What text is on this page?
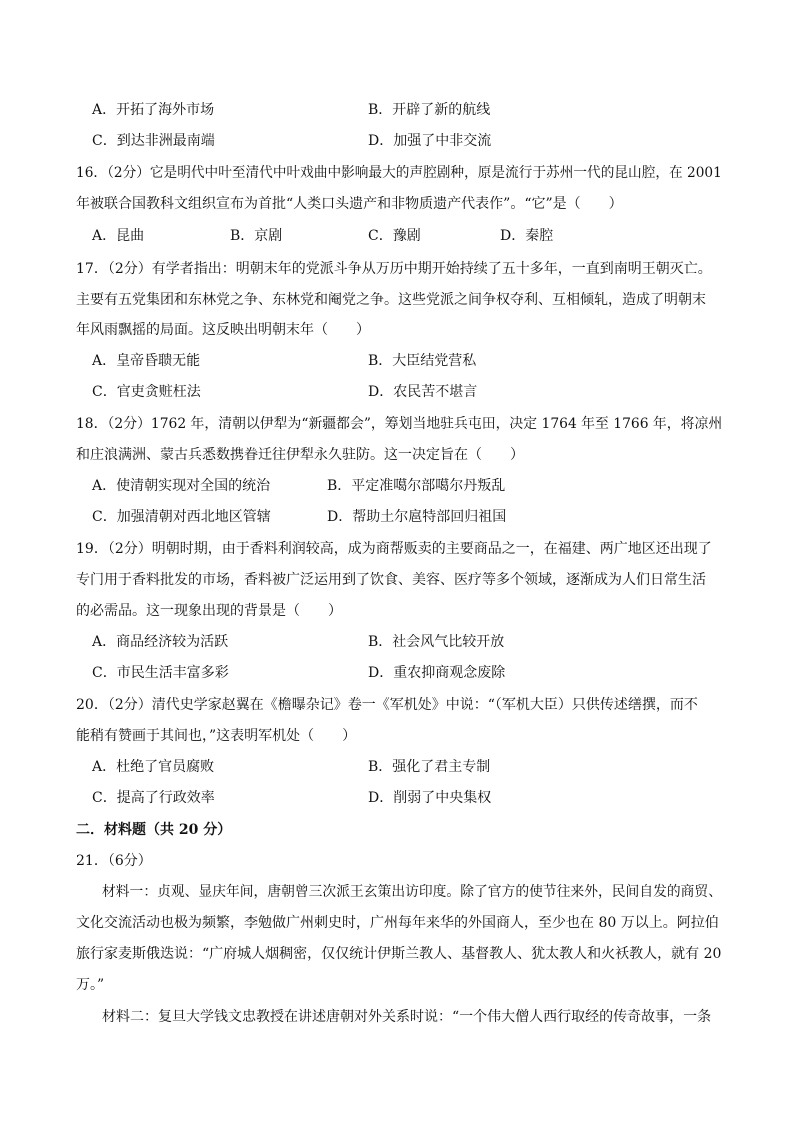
A．开拓了海外市场	B．开辟了新的航线
C．到达非洲最南端	D．加强了中非交流
16．（2分）它是明代中叶至清代中叶戏曲中影响最大的声腔剧种，原是流行于苏州一代的昆山腔，在 2001
年被联合国教科文组织宣布为首批“人类口头遗产和非物质遗产代表作”。“它”是（　　）
A．昆曲	B．京剧	C．豫剧	D．秦腔
17．（2分）有学者指出：明朝末年的党派斗争从万历中期开始持续了五十多年，一直到南明王朝灭亡。
主要有五党集团和东林党之争、东林党和阉党之争。这些党派之间争权夺利、互相倾轧，造成了明朝末
年风雨飘摇的局面。这反映出明朝末年（　　）
A．皇帝昏聩无能	B．大臣结党营私
C．官吏贪赃枉法	D．农民苦不堪言
18．（2分）1762 年，清朝以伊犁为“新疆都会”，筹划当地驻兵屯田，决定 1764 年至 1766 年，将凉州
和庄浪满洲、蒙古兵悉数携眷迁往伊犁永久驻防。这一决定旨在（　　）
A．使清朝实现对全国的统治	B．平定准噶尔部噶尔丹叛乱
C．加强清朝对西北地区管辖	D．帮助土尔扈特部回归祖国
19．（2分）明朝时期，由于香料利润较高，成为商帮贩卖的主要商品之一，在福建、两广地区还出现了
专门用于香料批发的市场，香料被广泛运用到了饮食、美容、医疗等多个领域，逐渐成为人们日常生活
的必需品。这一现象出现的背景是（　　）
A．商品经济较为活跃	B．社会风气比较开放
C．市民生活丰富多彩	D．重农抑商观念废除
20．（2分）清代史学家赵翼在《檐曝杂记》卷一《军机处》中说：“（军机大臣）只供传述缮撰，而不
能稍有赞画于其间也，”这表明军机处（　　）
A．杜绝了官员腐败	B．强化了君主专制
C．提高了行政效率	D．削弱了中央集权
二．材料题（共 20 分）
21．（6分）
材料一：贞观、显庆年间，唐朝曾三次派王玄策出访印度。除了官方的使节往来外，民间自发的商贸、
文化交流活动也极为频繁，李勉做广州刺史时，广州每年来华的外国商人，至少也在 80 万以上。阿拉伯
旅行家麦斯俄迭说：“广府城人烟稠密，仅仅统计伊斯兰教人、基督教人、犹太教人和火袄教人，就有 20
万。”
材料二：复旦大学钱文忠教授在讲述唐朝对外关系时说：“一个伟大僧人西行取经的传奇故事，一条
